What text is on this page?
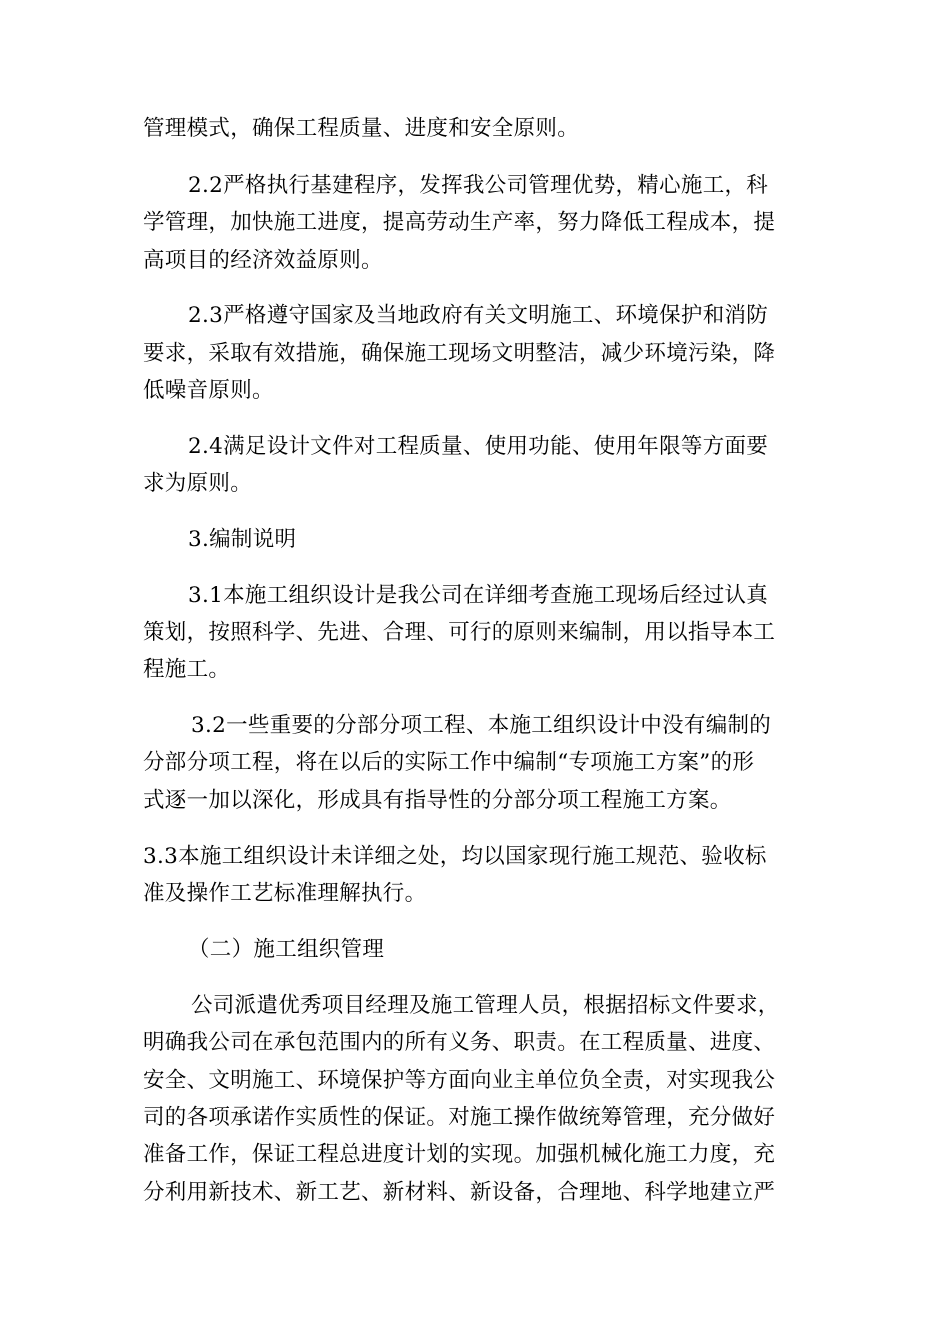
管理模式，确保工程质量、进度和安全原则。
2.2严格执行基建程序，发挥我公司管理优势，精心施工，科
学管理，加快施工进度，提高劳动生产率，努力降低工程成本，提
高项目的经济效益原则。
2.3严格遵守国家及当地政府有关文明施工、环境保护和消防
要求，采取有效措施，确保施工现场文明整洁，减少环境污染，降
低噪音原则。
2.4满足设计文件对工程质量、使用功能、使用年限等方面要
求为原则。
3.编制说明
3.1本施工组织设计是我公司在详细考查施工现场后经过认真
策划，按照科学、先进、合理、可行的原则来编制，用以指导本工
程施工。
3.2一些重要的分部分项工程、本施工组织设计中没有编制的
分部分项工程，将在以后的实际工作中编制“专项施工方案”的形
式逐一加以深化，形成具有指导性的分部分项工程施工方案。
3.3本施工组织设计未详细之处，均以国家现行施工规范、验收标
准及操作工艺标准理解执行。
（二）施工组织管理
公司派遣优秀项目经理及施工管理人员，根据招标文件要求，
明确我公司在承包范围内的所有义务、职责。在工程质量、进度、
安全、文明施工、环境保护等方面向业主单位负全责，对实现我公
司的各项承诺作实质性的保证。对施工操作做统筹管理，充分做好
准备工作，保证工程总进度计划的实现。加强机械化施工力度，充
分利用新技术、新工艺、新材料、新设备，合理地、科学地建立严
